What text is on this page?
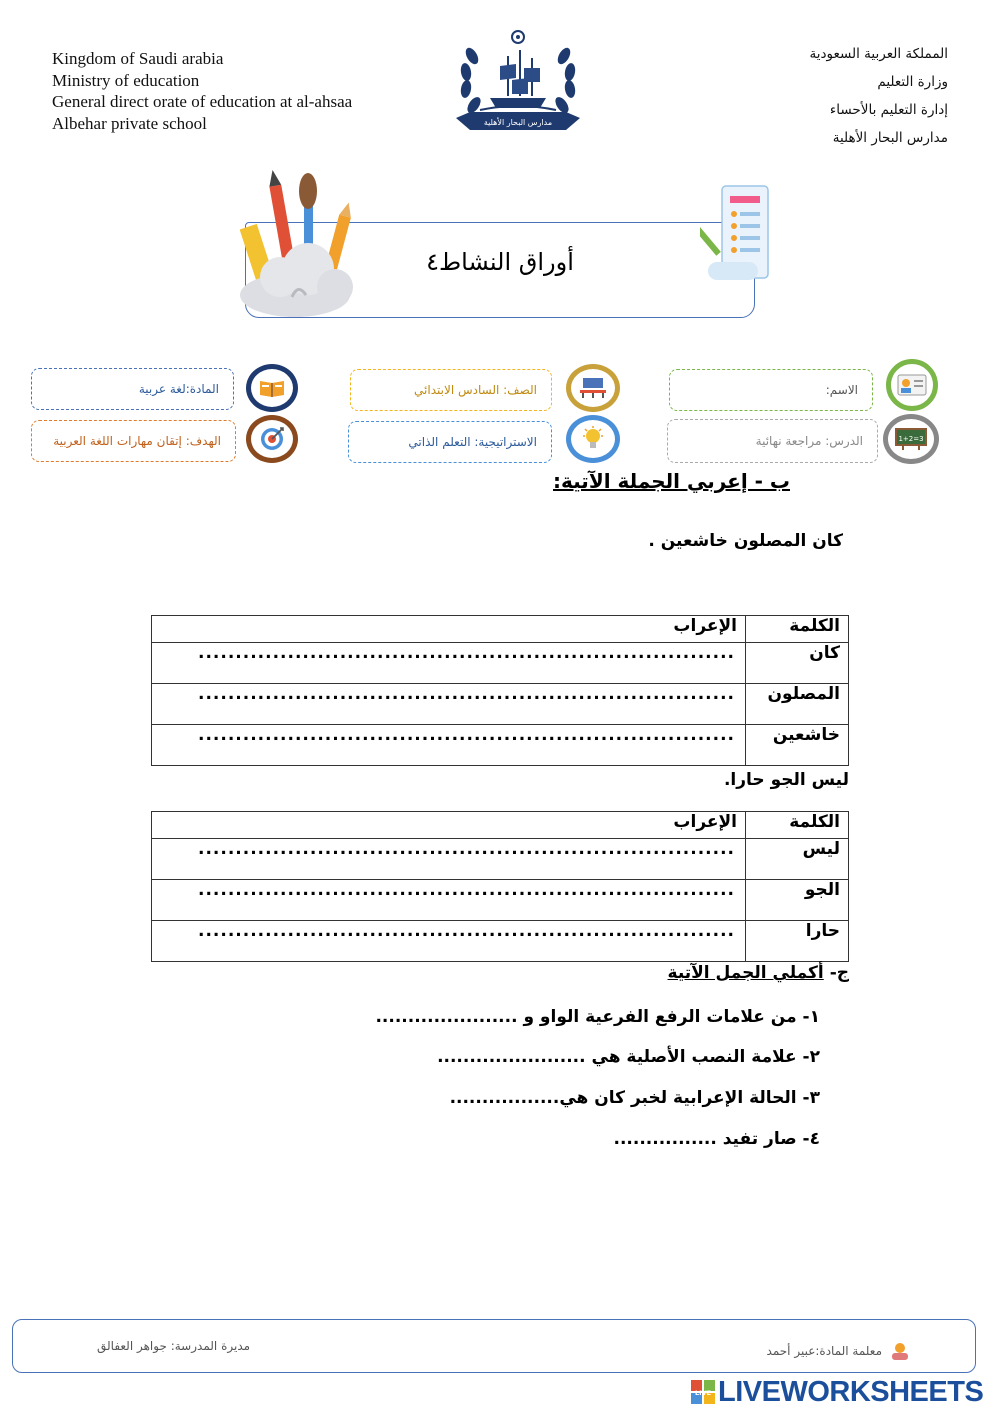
Kingdom of Saudi arabia
Ministry of education
General direct orate of education at al-ahsaa
Albehar private school
المملكة العربية السعودية
وزارة التعليم
إدارة التعليم بالأحساء
مدارس البحار الأهلية
مدارس البحار الأهلية
أوراق النشاط٤
الاسم:
الصف: السادس الابتدائي
المادة:لغة عربية
الدرس: مراجعة نهائية	1+2=3
الاستراتيجية: التعلم الذاتي
الهدف: إتقان مهارات اللغة العربية
ب - إعربي الجملة الآتية:
كان المصلون خاشعين .
الكلمة	الإعراب
كان	........................................................................
المصلون	........................................................................
خاشعين	........................................................................
ليس الجو حارا.
الكلمة	الإعراب
ليس	........................................................................
الجو	........................................................................
حارا	........................................................................
ج- أكملي الجمل الآتية
١- من علامات الرفع الفرعية الواو و ......................
٢- علامة النصب الأصلية هي .......................
٣- الحالة الإعرابية لخبر كان هي.................
٤- صار تفيد ................
معلمة المادة:عبير أحمد
مديرة المدرسة: جواهر العفالق
LIVE LIVEWORKSHEETS
